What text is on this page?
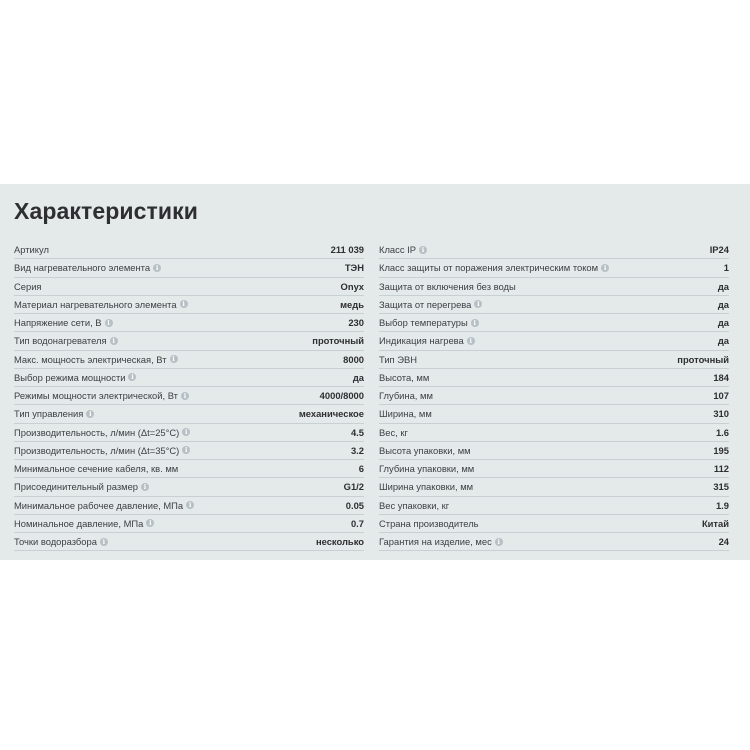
Характеристики
Артикул	211 039
Вид нагревательного элемента i	ТЭН
Серия	Onyx
Материал нагревательного элемента i	медь
Напряжение сети, В i	230
Тип водонагревателя i	проточный
Макс. мощность электрическая, Вт i	8000
Выбор режима мощности i	да
Режимы мощности электрической, Вт i	4000/8000
Тип управления i	механическое
Производительность, л/мин (Δt=25°C) i	4.5
Производительность, л/мин (Δt=35°C) i	3.2
Минимальное сечение кабеля, кв. мм	6
Присоединительный размер i	G1/2
Минимальное рабочее давление, МПа i	0.05
Номинальное давление, МПа i	0.7
Точки водоразбора i	несколько
Класс IP i	IP24
Класс защиты от поражения электрическим током i	1
Защита от включения без воды	да
Защита от перегрева i	да
Выбор температуры i	да
Индикация нагрева i	да
Тип ЭВН	проточный
Высота, мм	184
Глубина, мм	107
Ширина, мм	310
Вес, кг	1.6
Высота упаковки, мм	195
Глубина упаковки, мм	112
Ширина упаковки, мм	315
Вес упаковки, кг	1.9
Страна производитель	Китай
Гарантия на изделие, мес i	24
